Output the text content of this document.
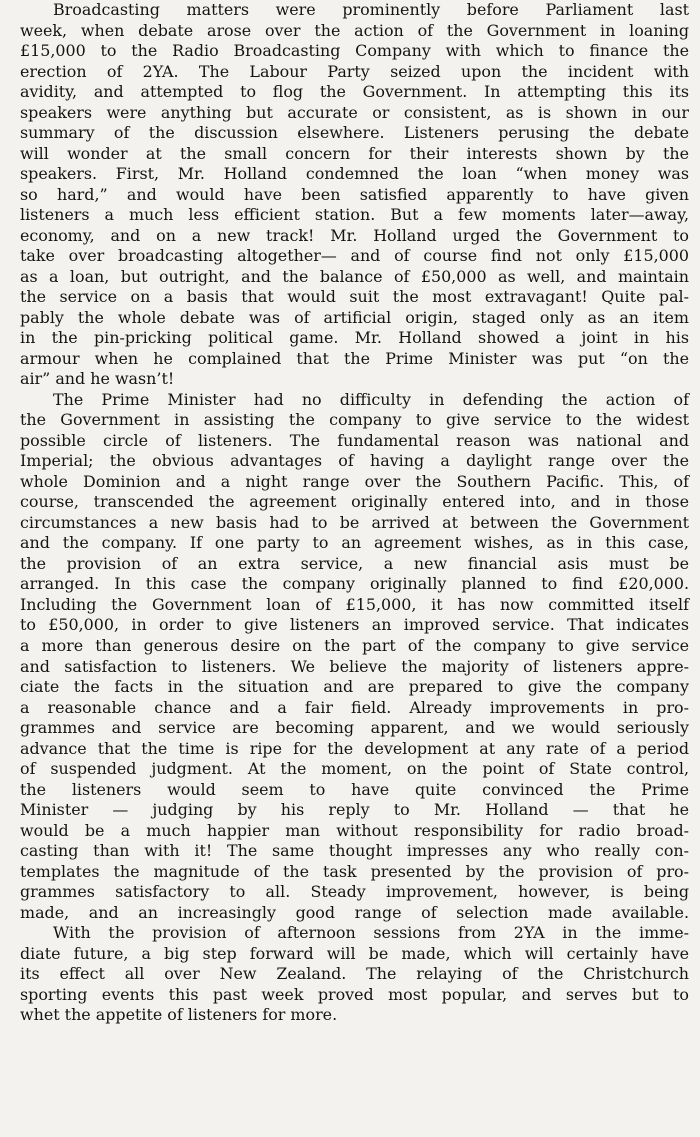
Broadcasting matters were prominently before Parliament last
week, when debate arose over the action of the Government in loaning
£15,000 to the Radio Broadcasting Company with which to finance the
erection of 2YA. The Labour Party seized upon the incident with
avidity, and attempted to flog the Government. In attempting this its
speakers were anything but accurate or consistent, as is shown in our
summary of the discussion elsewhere. Listeners perusing the debate
will wonder at the small concern for their interests shown by the
speakers. First, Mr. Holland condemned the loan “when money was
so hard,” and would have been satisfied apparently to have given
listeners a much less efficient station. But a few moments later—away,
economy, and on a new track! Mr. Holland urged the Government to
take over broadcasting altogether— and of course find not only £15,000
as a loan, but outright, and the balance of £50,000 as well, and maintain
the service on a basis that would suit the most extravagant! Quite pal-
pably the whole debate was of artificial origin, staged only as an item
in the pin-pricking political game. Mr. Holland showed a joint in his
armour when he complained that the Prime Minister was put “on the
air” and he wasn’t!

The Prime Minister had no difficulty in defending the action of
the Government in assisting the company to give service to the widest
possible circle of listeners. The fundamental reason was national and
Imperial; the obvious advantages of having a daylight range over the
whole Dominion and a night range over the Southern Pacific. This, of
course, transcended the agreement originally entered into, and in those
circumstances a new basis had to be arrived at between the Government
and the company. If one party to an agreement wishes, as in this case,
the provision of an extra service, a new financial asis must be
arranged. In this case the company originally planned to find £20,000.
Including the Government loan of £15,000, it has now committed itself
to £50,000, in order to give listeners an improved service. That indicates
a more than generous desire on the part of the company to give service
and satisfaction to listeners. We believe the majority of listeners appre-
ciate the facts in the situation and are prepared to give the company
a reasonable chance and a fair field. Already improvements in pro-
grammes and service are becoming apparent, and we would seriously
advance that the time is ripe for the development at any rate of a period
of suspended judgment. At the moment, on the point of State control,
the listeners would seem to have quite convinced the Prime
Minister — judging by his reply to Mr. Holland — that he
would be a much happier man without responsibility for radio broad-
casting than with it! The same thought impresses any who really con-
templates the magnitude of the task presented by the provision of pro-
grammes satisfactory to all. Steady improvement, however, is being
made, and an increasingly good range of selection made available.

With the provision of afternoon sessions from 2YA in the imme-
diate future, a big step forward will be made, which will certainly have
its effect all over New Zealand. The relaying of the Christchurch
sporting events this past week proved most popular, and serves but to
whet the appetite of listeners for more.
